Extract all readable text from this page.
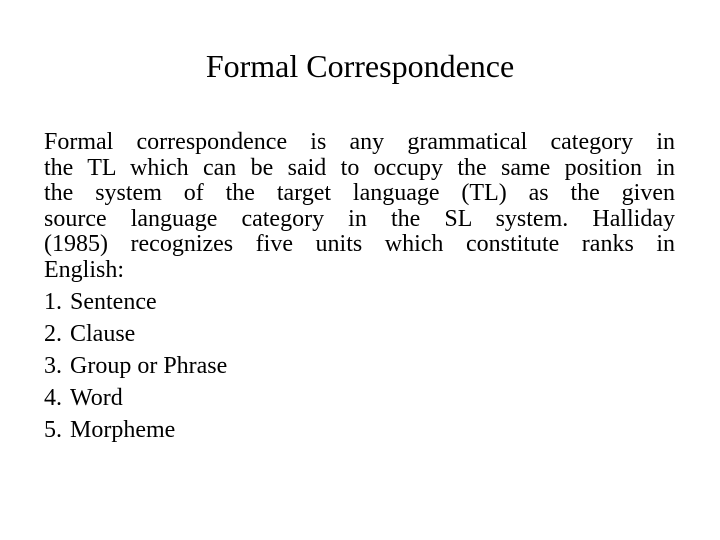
Formal Correspondence
Formal correspondence is any grammatical category in
the TL which can be said to occupy the same position in
the system of the target language (TL) as the given
source language category in the SL system. Halliday
(1985) recognizes five units which constitute ranks in
English:
1. Sentence
2. Clause
3. Group or Phrase
4. Word
5. Morpheme
